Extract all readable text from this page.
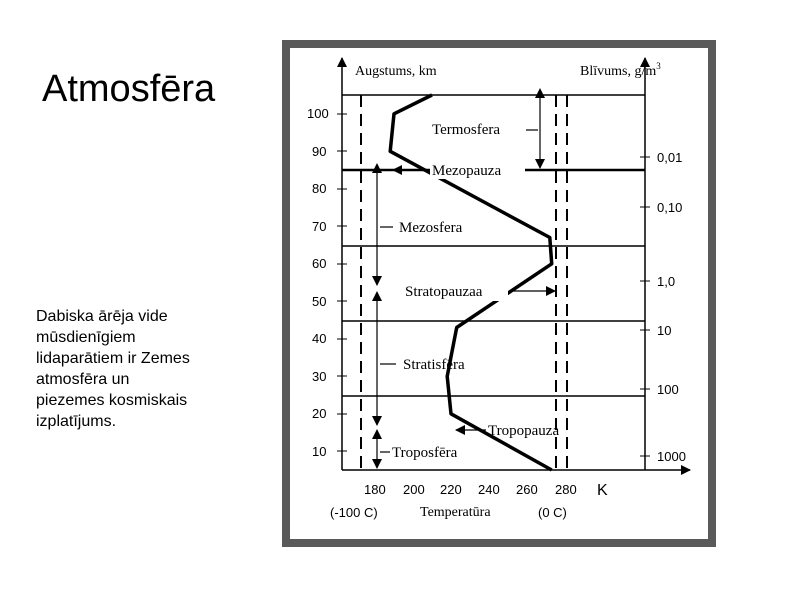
Atmosfēra
Dabiska ārēja vide
mūsdienīgiem
lidaparātiem ir Zemes
atmosfēra un
piezemes kosmiskais
izplatījums.
Augstums, km	Blīvums, $g/m^3$
Temperatūra
K
(-100 C)	(0 C)
100
90
80
70
60
50
40
30
20
10
180 200 220 240 260 280
0,01
0,10
1,0
10
100
1000
Termosfera
Mezopauza
Mezosfera
Stratopauzaa
Stratisfēra
Tropopauza
Troposfēra
